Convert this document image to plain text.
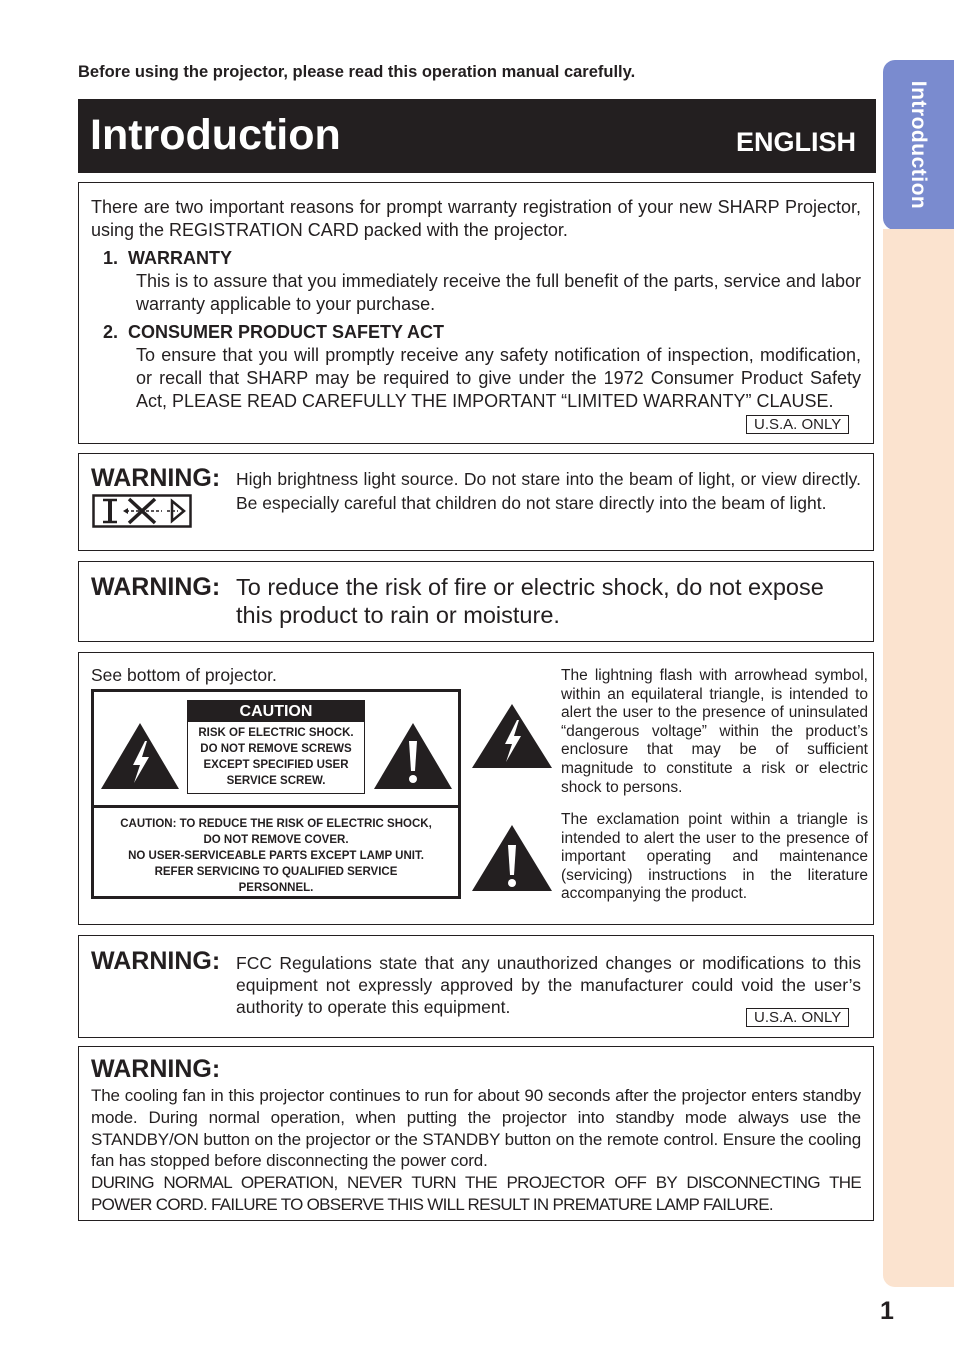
Before using the projector, please read this operation manual carefully.
Introduction	ENGLISH Introduction
There are two important reasons for prompt warranty registration of your new SHARP Projector, using the REGISTRATION CARD packed with the projector.
1.  WARRANTY
This is to assure that you immediately receive the full benefit of the parts, service and labor warranty applicable to your purchase.
2.  CONSUMER PRODUCT SAFETY ACT
To ensure that you will promptly receive any safety notification of inspection, modification, or recall that SHARP may be required to give under the 1972 Consumer Product Safety Act, PLEASE READ CAREFULLY THE IMPORTANT “LIMITED WARRANTY” CLAUSE.
U.S.A. ONLY
WARNING: High brightness light source. Do not stare into the beam of light, or view directly. Be especially careful that children do not stare directly into the beam of light.
WARNING: To reduce the risk of fire or electric shock, do not expose this product to rain or moisture.
See bottom of projector.
CAUTION
RISK OF ELECTRIC SHOCK.
DO NOT REMOVE SCREWS
EXCEPT SPECIFIED USER
SERVICE SCREW.
CAUTION: TO REDUCE THE RISK OF ELECTRIC SHOCK,
DO NOT REMOVE COVER.
NO USER-SERVICEABLE PARTS EXCEPT LAMP UNIT.
REFER SERVICING TO QUALIFIED SERVICE
PERSONNEL.
The lightning flash with arrowhead symbol, within an equilateral triangle, is intended to alert the user to the presence of uninsulated “dangerous voltage” within the product’s enclosure that may be of sufficient magnitude to constitute a risk or electric shock to persons.
The exclamation point within a triangle is intended to alert the user to the presence of important operating and maintenance (servicing) instructions in the literature accompanying the product.
WARNING: FCC Regulations state that any unauthorized changes or modifications to this equipment not expressly approved by the manufacturer could void the user’s authority to operate this equipment.
U.S.A. ONLY
WARNING:
The cooling fan in this projector continues to run for about 90 seconds after the projector enters standby mode. During normal operation, when putting the projector into standby mode always use the STANDBY/ON button on the projector or the STANDBY button on the remote control. Ensure the cooling fan has stopped before disconnecting the power cord.
DURING NORMAL OPERATION, NEVER TURN THE PROJECTOR OFF BY DISCONNECTING THE POWER CORD. FAILURE TO OBSERVE THIS WILL RESULT IN PREMATURE LAMP FAILURE.
1
